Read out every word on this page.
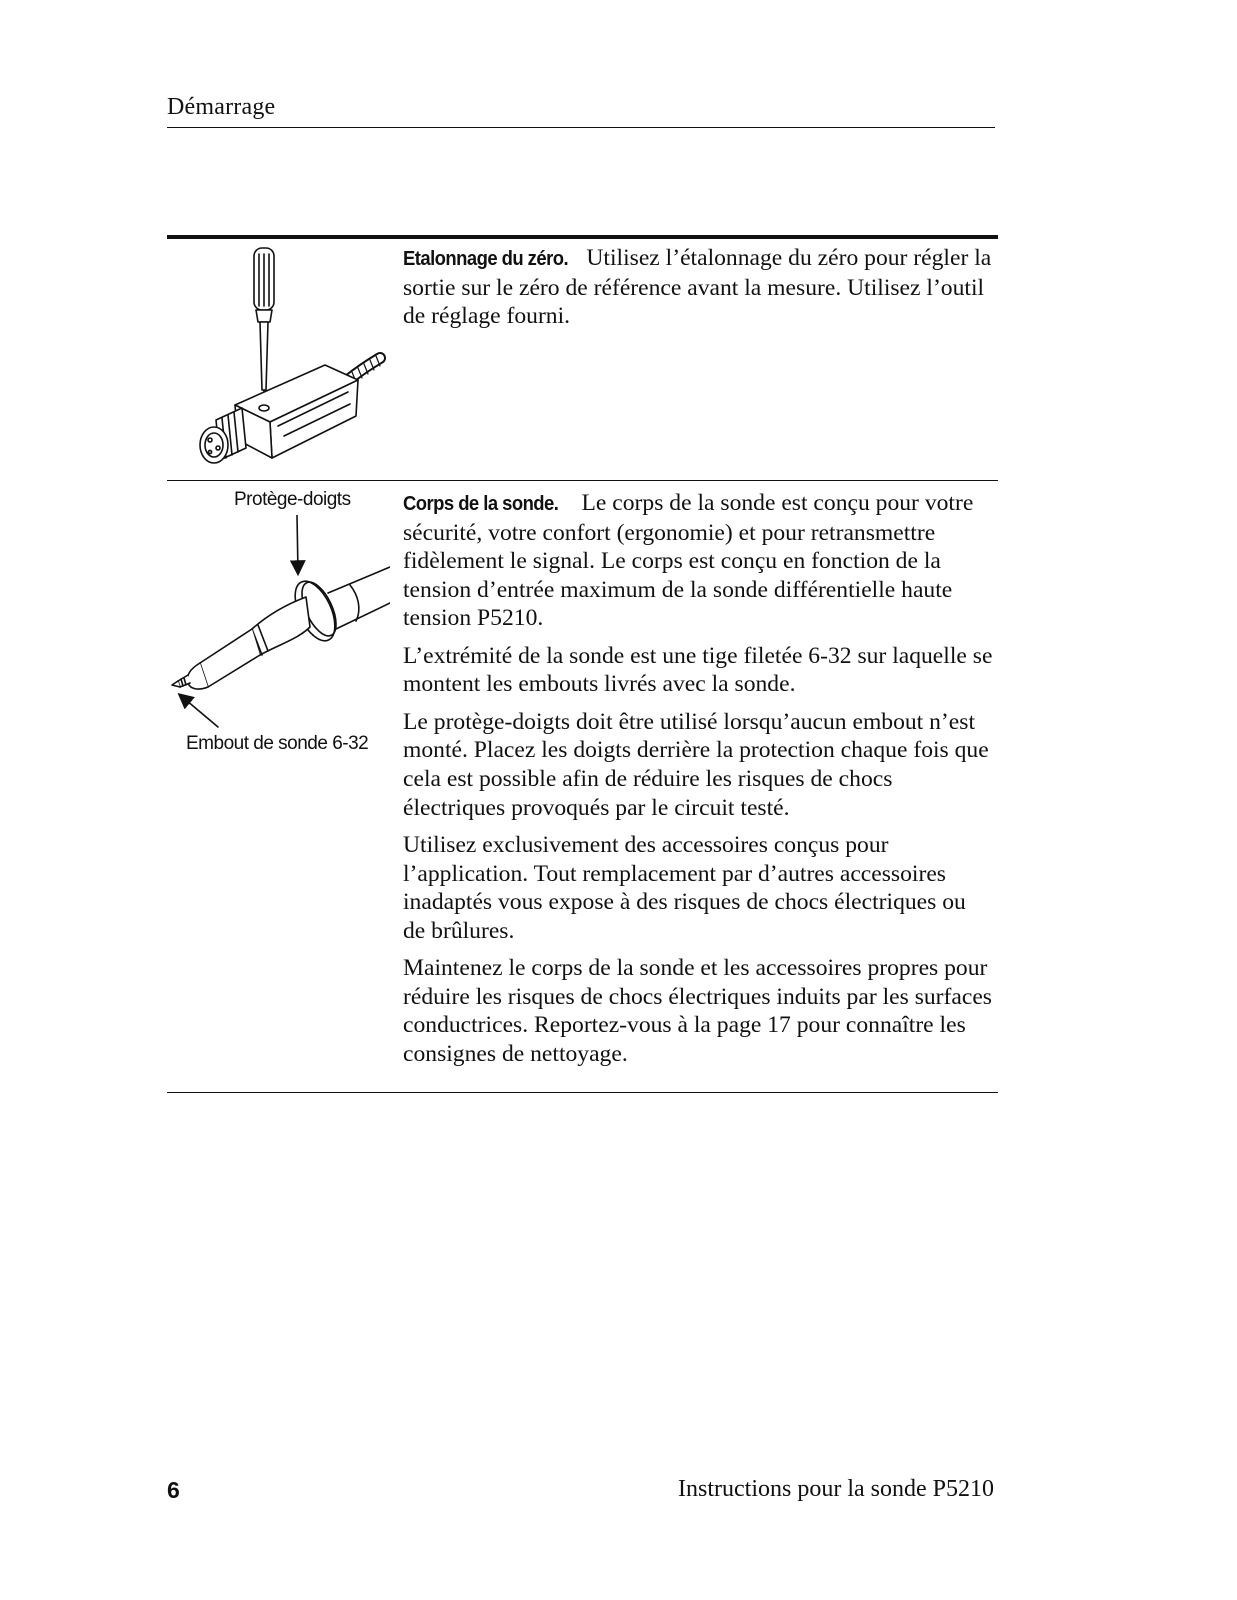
Démarrage

Etalonnage du zéro. Utilisez l’étalonnage du zéro pour régler la sortie sur le zéro de référence avant la mesure. Utilisez l’outil de réglage fourni.

Protège-doigts
Embout de sonde 6-32

Corps de la sonde. Le corps de la sonde est conçu pour votre sécurité, votre confort (ergonomie) et pour retransmettre fidèlement le signal. Le corps est conçu en fonction de la tension d’entrée maximum de la sonde différentielle haute tension P5210.

L’extrémité de la sonde est une tige filetée 6-32 sur laquelle se montent les embouts livrés avec la sonde.

Le protège-doigts doit être utilisé lorsqu’aucun embout n’est monté. Placez les doigts derrière la protection chaque fois que cela est possible afin de réduire les risques de chocs électriques provoqués par le circuit testé.

Utilisez exclusivement des accessoires conçus pour l’application. Tout remplacement par d’autres accessoires inadaptés vous expose à des risques de chocs électriques ou de brûlures.

Maintenez le corps de la sonde et les accessoires propres pour réduire les risques de chocs électriques induits par les surfaces conductrices. Reportez-vous à la page 17 pour connaître les consignes de nettoyage.

6	Instructions pour la sonde P5210
